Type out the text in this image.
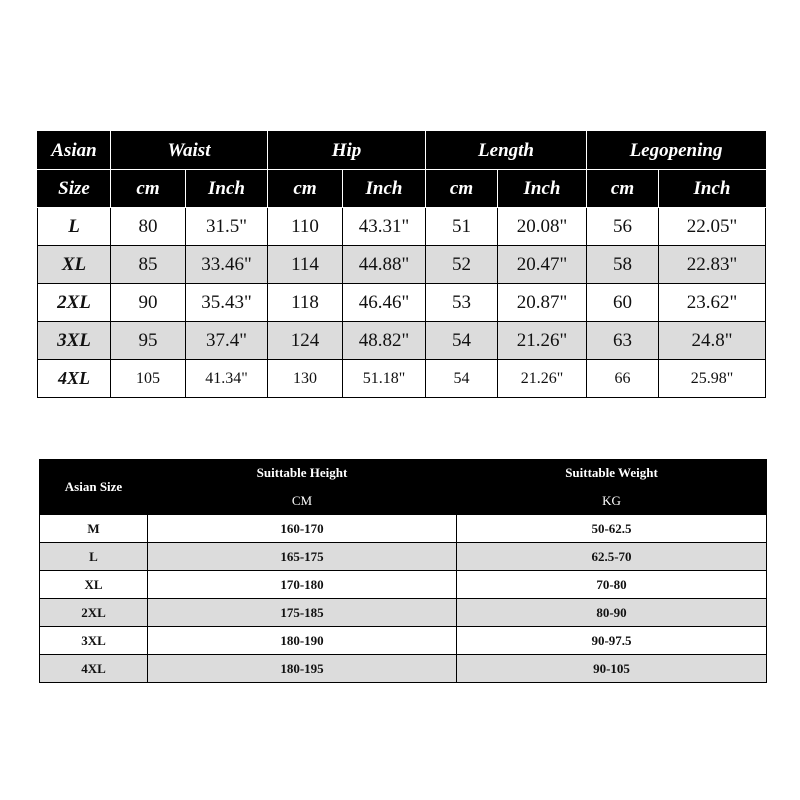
Asian	Waist		Hip		Length		Legopening	
Size	cm	Inch	cm	Inch	cm	Inch	cm	Inch
L	80	31.5"	110	43.31"	51	20.08"	56	22.05"
XL	85	33.46"	114	44.88"	52	20.47"	58	22.83"
2XL	90	35.43"	118	46.46"	53	20.87"	60	23.62"
3XL	95	37.4"	124	48.82"	54	21.26"	63	24.8"
4XL	105	41.34"	130	51.18"	54	21.26"	66	25.98"
Asian Size	Suittable Height	Suittable Weight
	CM	KG
M	160-170	50-62.5
L	165-175	62.5-70
XL	170-180	70-80
2XL	175-185	80-90
3XL	180-190	90-97.5
4XL	180-195	90-105
